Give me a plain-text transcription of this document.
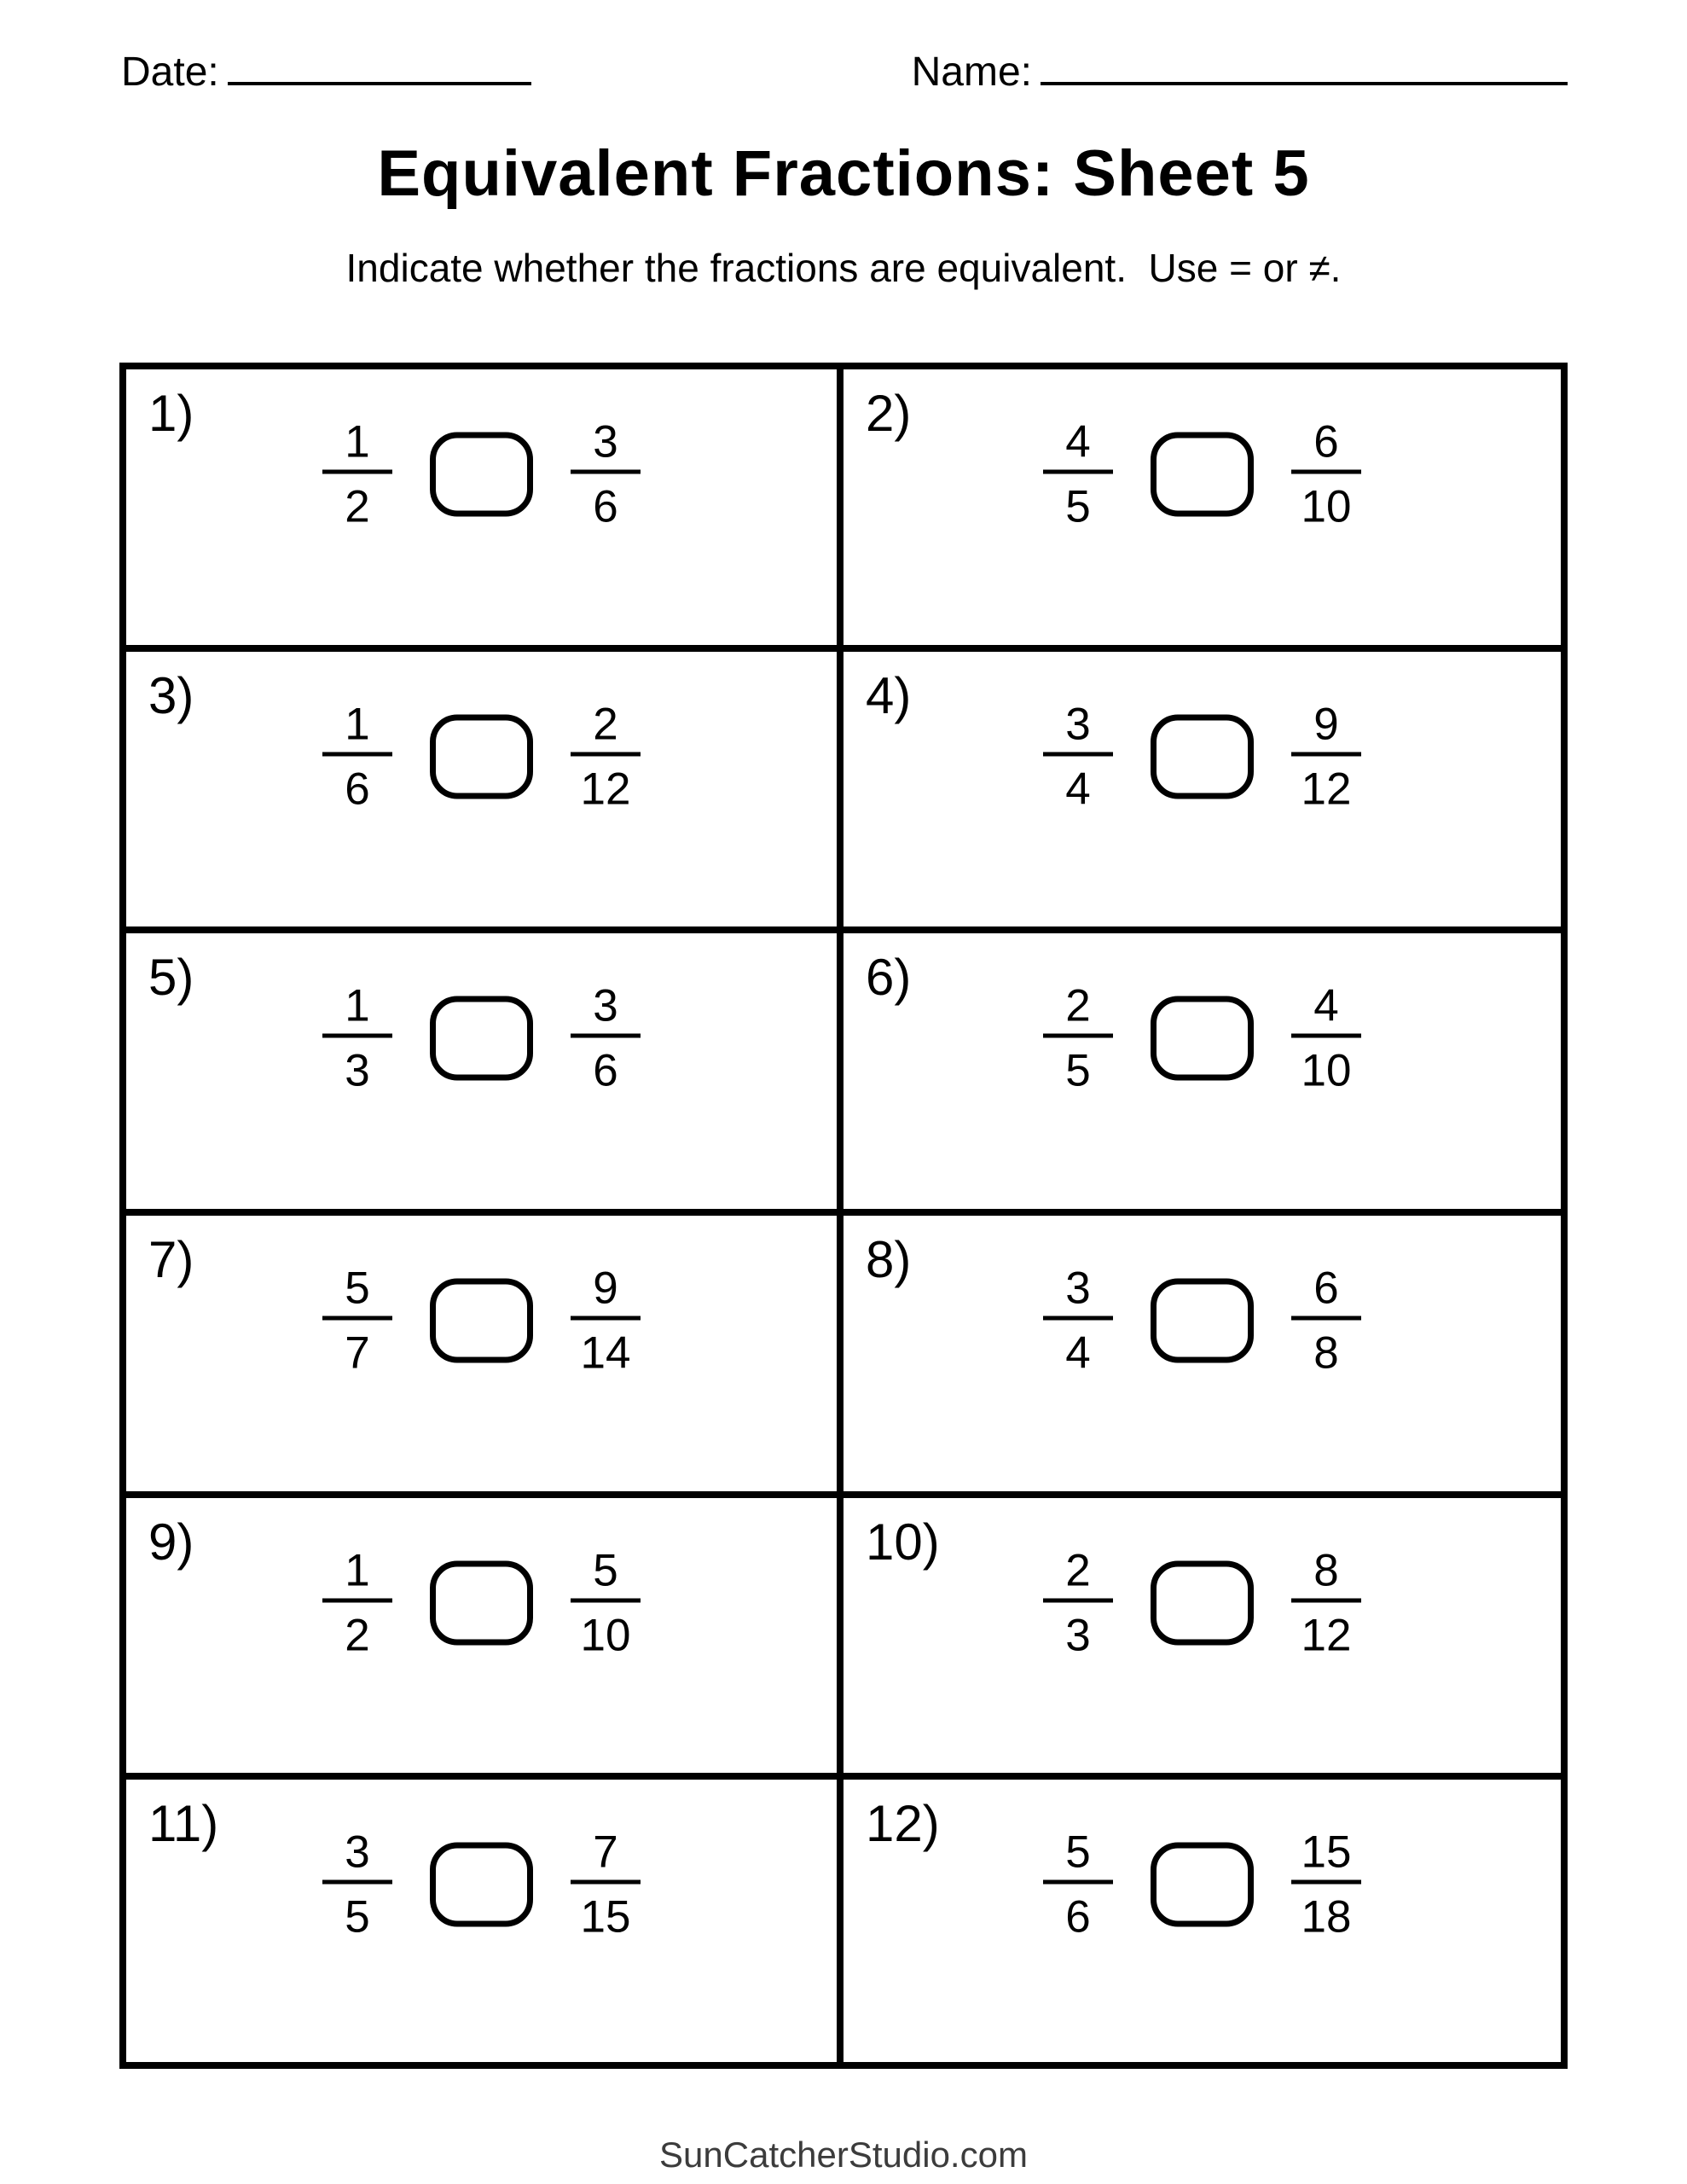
Date:	Name:
Equivalent Fractions: Sheet 5
Indicate whether the fractions are equivalent.  Use = or ≠.
1)
$\frac{1}{2}$	$\frac{3}{6}$
2)
$\frac{4}{5}$	$\frac{6}{10}$
3)
$\frac{1}{6}$	$\frac{2}{12}$
4)
$\frac{3}{4}$	$\frac{9}{12}$
5)
$\frac{1}{3}$	$\frac{3}{6}$
6)
$\frac{2}{5}$	$\frac{4}{10}$
7)
$\frac{5}{7}$	$\frac{9}{14}$
8)
$\frac{3}{4}$	$\frac{6}{8}$
9)
$\frac{1}{2}$	$\frac{5}{10}$
10)
$\frac{2}{3}$	$\frac{8}{12}$
11)
$\frac{3}{5}$	$\frac{7}{15}$
12)
$\frac{5}{6}$	$\frac{15}{18}$
SunCatcherStudio.com
